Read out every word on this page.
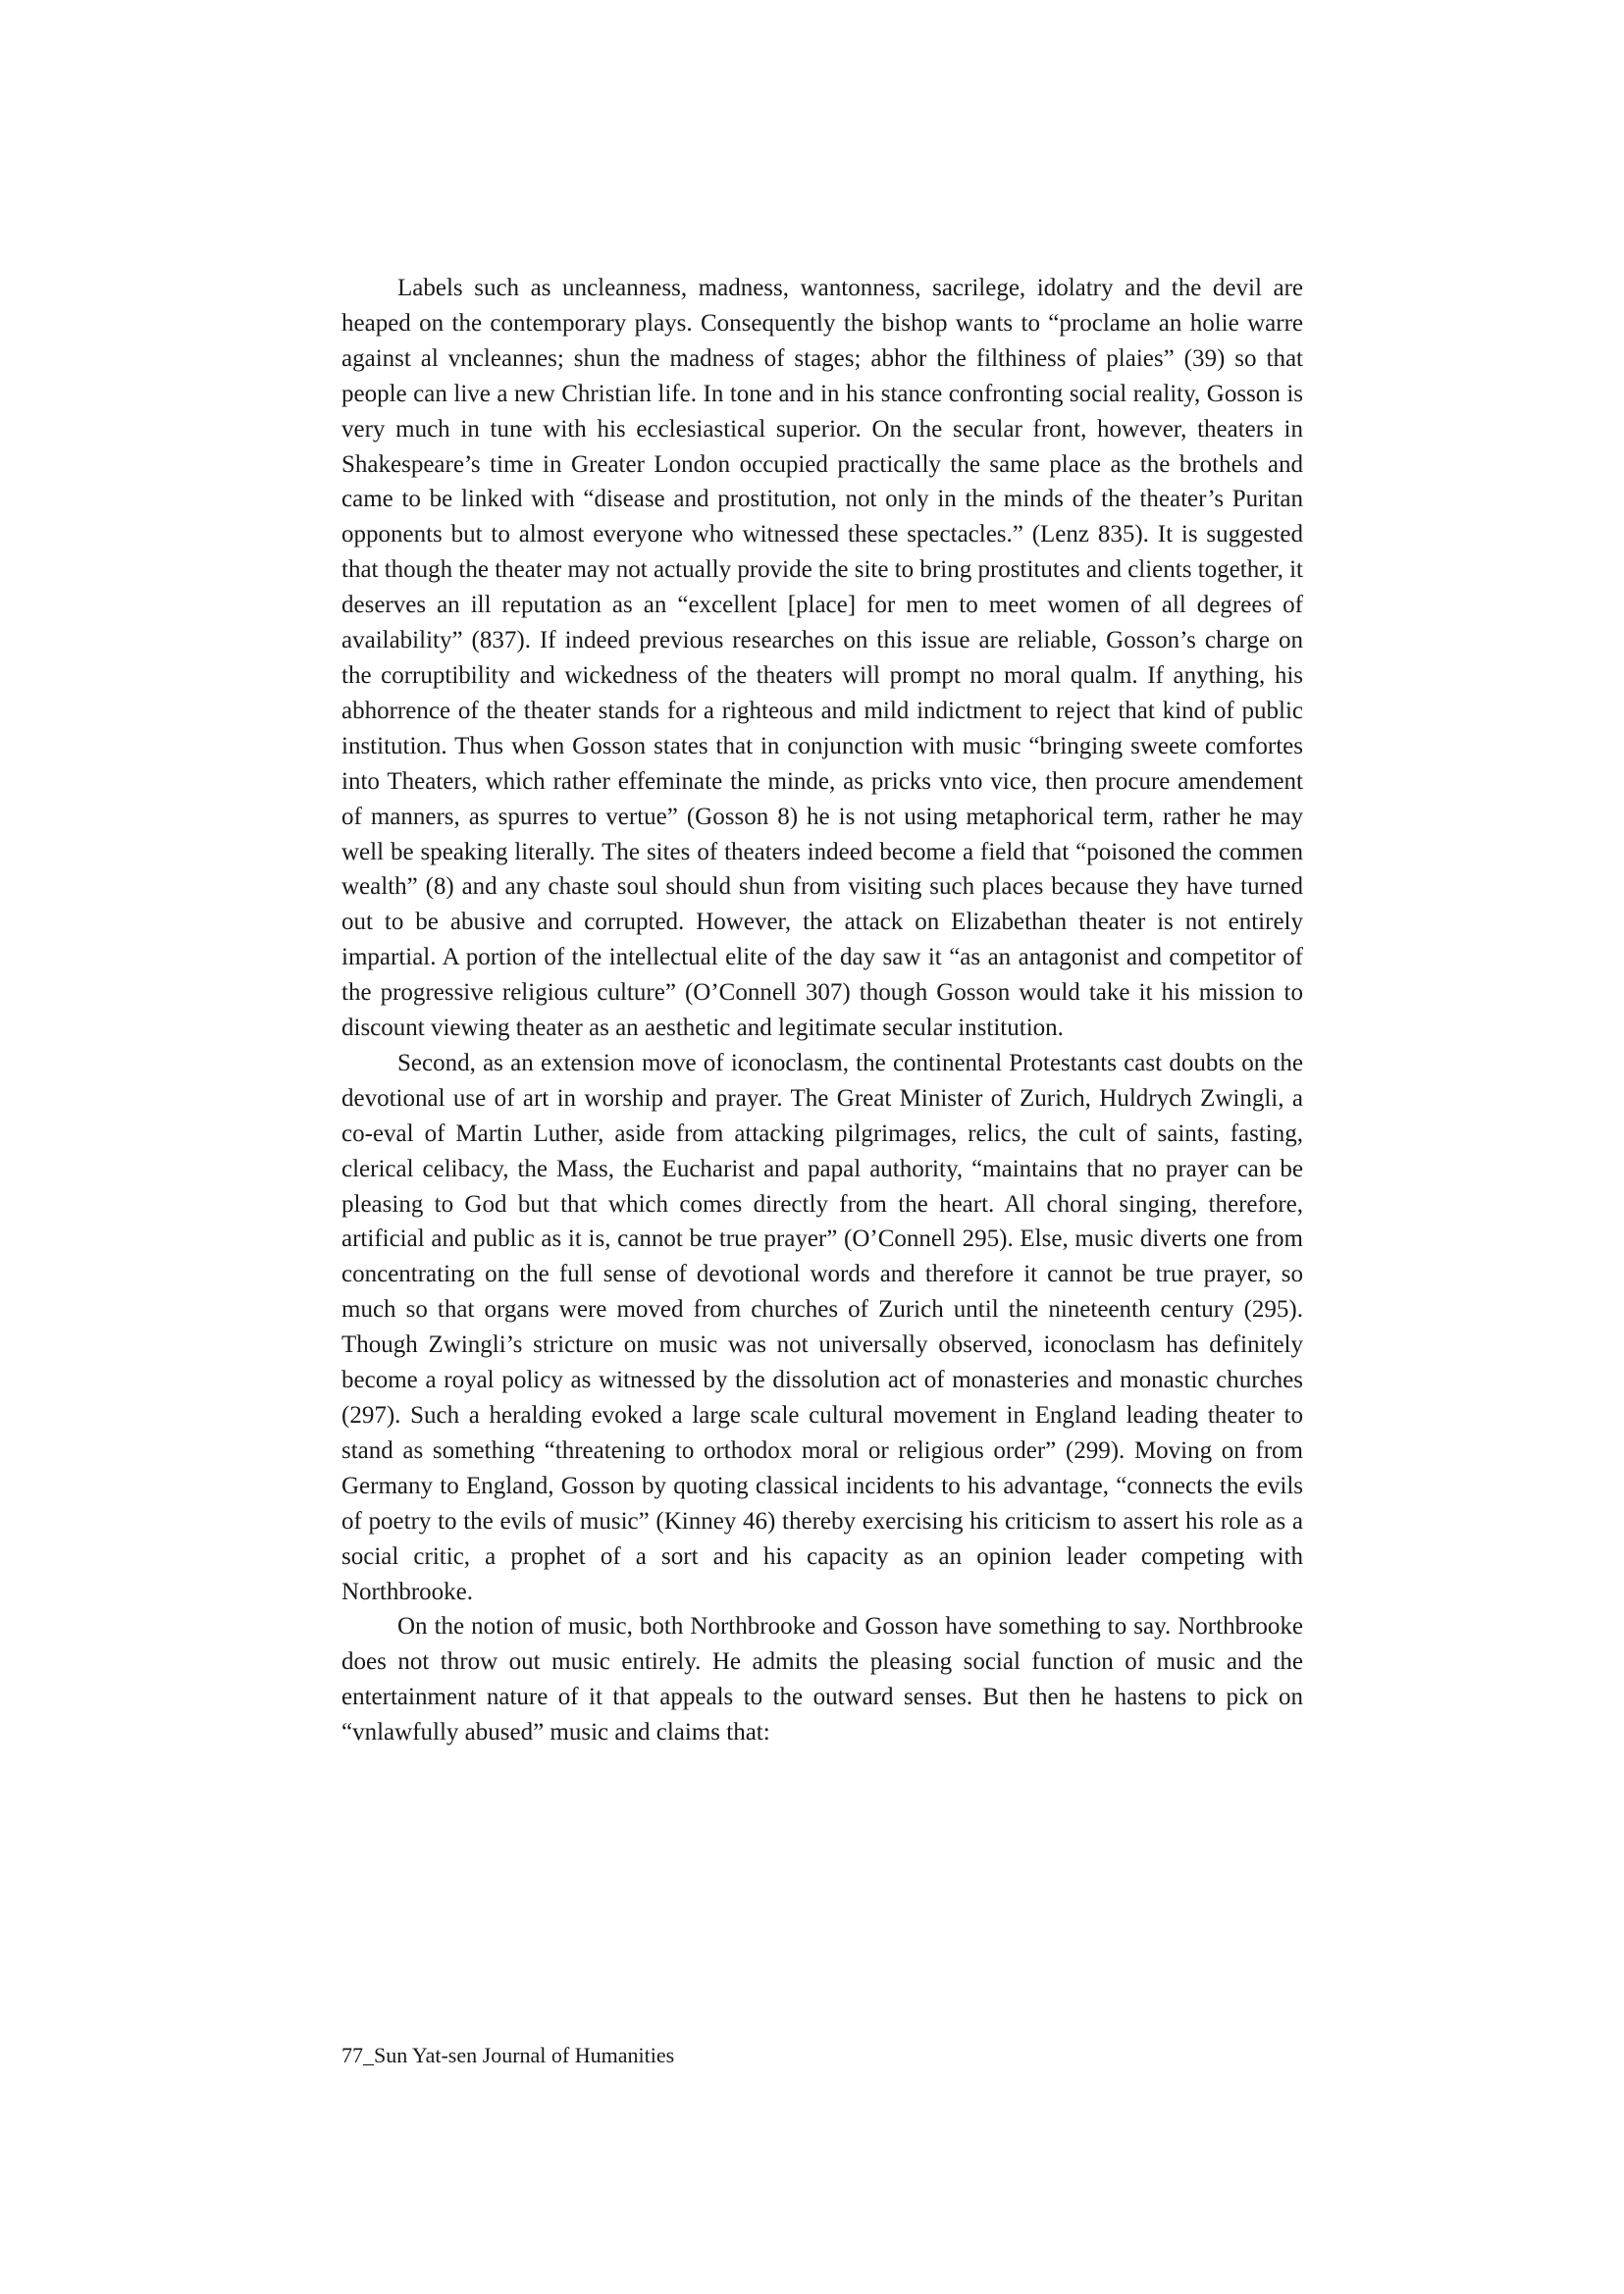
Labels such as uncleanness, madness, wantonness, sacrilege, idolatry and the devil are heaped on the contemporary plays. Consequently the bishop wants to “proclame an holie warre against al vncleannes; shun the madness of stages; abhor the filthiness of plaies” (39) so that people can live a new Christian life. In tone and in his stance confronting social reality, Gosson is very much in tune with his ecclesiastical superior. On the secular front, however, theaters in Shakespeare’s time in Greater London occupied practically the same place as the brothels and came to be linked with “disease and prostitution, not only in the minds of the theater’s Puritan opponents but to almost everyone who witnessed these spectacles.” (Lenz 835). It is suggested that though the theater may not actually provide the site to bring prostitutes and clients together, it deserves an ill reputation as an “excellent [place] for men to meet women of all degrees of availability” (837). If indeed previous researches on this issue are reliable, Gosson’s charge on the corruptibility and wickedness of the theaters will prompt no moral qualm. If anything, his abhorrence of the theater stands for a righteous and mild indictment to reject that kind of public institution. Thus when Gosson states that in conjunction with music “bringing sweete comfortes into Theaters, which rather effeminate the minde, as pricks vnto vice, then procure amendement of manners, as spurres to vertue” (Gosson 8) he is not using metaphorical term, rather he may well be speaking literally. The sites of theaters indeed become a field that “poisoned the commen wealth” (8) and any chaste soul should shun from visiting such places because they have turned out to be abusive and corrupted. However, the attack on Elizabethan theater is not entirely impartial. A portion of the intellectual elite of the day saw it “as an antagonist and competitor of the progressive religious culture” (O’Connell 307) though Gosson would take it his mission to discount viewing theater as an aesthetic and legitimate secular institution.

Second, as an extension move of iconoclasm, the continental Protestants cast doubts on the devotional use of art in worship and prayer. The Great Minister of Zurich, Huldrych Zwingli, a co-eval of Martin Luther, aside from attacking pilgrimages, relics, the cult of saints, fasting, clerical celibacy, the Mass, the Eucharist and papal authority, “maintains that no prayer can be pleasing to God but that which comes directly from the heart. All choral singing, therefore, artificial and public as it is, cannot be true prayer” (O’Connell 295). Else, music diverts one from concentrating on the full sense of devotional words and therefore it cannot be true prayer, so much so that organs were moved from churches of Zurich until the nineteenth century (295). Though Zwingli’s stricture on music was not universally observed, iconoclasm has definitely become a royal policy as witnessed by the dissolution act of monasteries and monastic churches (297). Such a heralding evoked a large scale cultural movement in England leading theater to stand as something “threatening to orthodox moral or religious order” (299). Moving on from Germany to England, Gosson by quoting classical incidents to his advantage, “connects the evils of poetry to the evils of music” (Kinney 46) thereby exercising his criticism to assert his role as a social critic, a prophet of a sort and his capacity as an opinion leader competing with Northbrooke.

On the notion of music, both Northbrooke and Gosson have something to say. Northbrooke does not throw out music entirely. He admits the pleasing social function of music and the entertainment nature of it that appeals to the outward senses. But then he hastens to pick on “vnlawfully abused” music and claims that:

77_Sun Yat-sen Journal of Humanities
